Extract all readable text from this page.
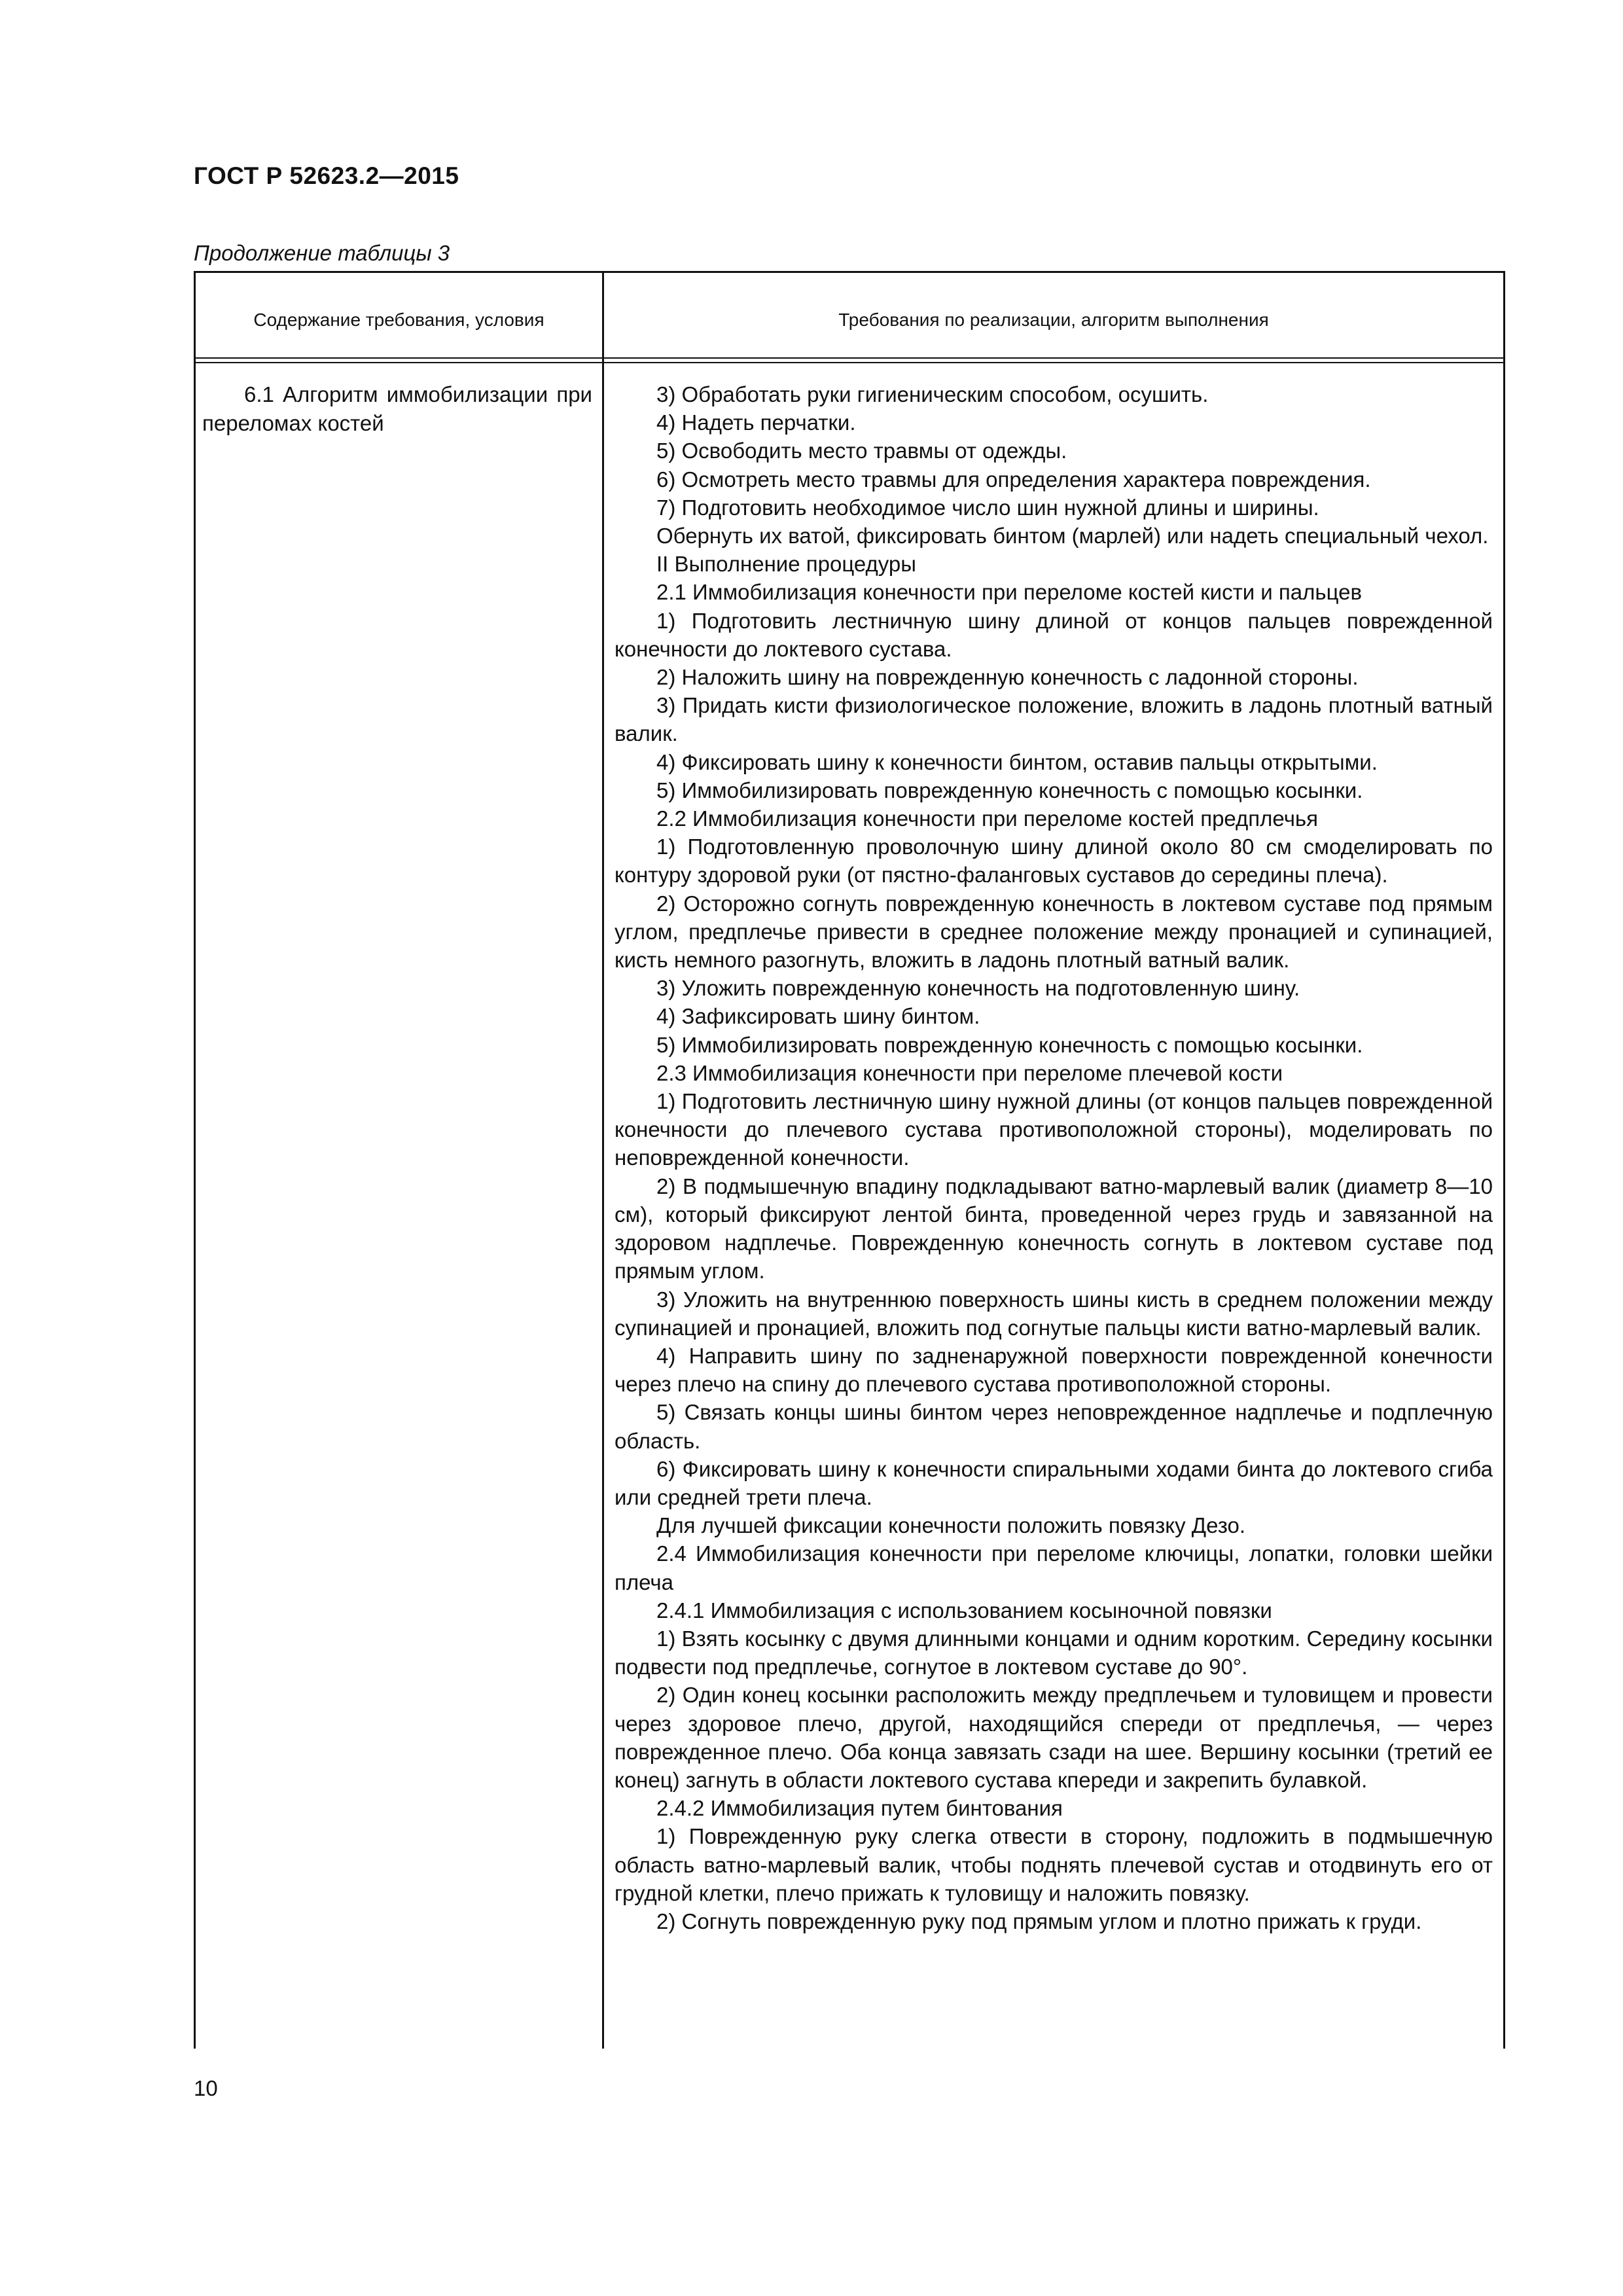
ГОСТ Р 52623.2—2015
Продолжение таблицы 3
Содержание требования, условия	Требования по реализации, алгоритм выполнения
6.1 Алгоритм иммобилизации при переломах костей

3) Обработать руки гигиеническим способом, осушить.

4) Надеть перчатки.

5) Освободить место травмы от одежды.

6) Осмотреть место травмы для определения характера повреждения.

7) Подготовить необходимое число шин нужной длины и ширины.

Обернуть их ватой, фиксировать бинтом (марлей) или надеть специальный чехол.

II Выполнение процедуры

2.1 Иммобилизация конечности при переломе костей кисти и пальцев

1) Подготовить лестничную шину длиной от концов пальцев поврежденной конечности до локтевого сустава.

2) Наложить шину на поврежденную конечность с ладонной стороны.

3) Придать кисти физиологическое положение, вложить в ладонь плотный ватный валик.

4) Фиксировать шину к конечности бинтом, оставив пальцы открытыми.

5) Иммобилизировать поврежденную конечность с помощью косынки.

2.2 Иммобилизация конечности при переломе костей предплечья

1) Подготовленную проволочную шину длиной около 80 см смоделировать по контуру здоровой руки (от пястно-фаланговых суставов до середины плеча).

2) Осторожно согнуть поврежденную конечность в локтевом суставе под прямым углом, предплечье привести в среднее положение между пронацией и супинацией, кисть немного разогнуть, вложить в ладонь плотный ватный валик.

3) Уложить поврежденную конечность на подготовленную шину.

4) Зафиксировать шину бинтом.

5) Иммобилизировать поврежденную конечность с помощью косынки.

2.3 Иммобилизация конечности при переломе плечевой кости

1) Подготовить лестничную шину нужной длины (от концов пальцев поврежденной конечности до плечевого сустава противоположной стороны), моделировать по неповрежденной конечности.

2) В подмышечную впадину подкладывают ватно-марлевый валик (диаметр 8—10 см), который фиксируют лентой бинта, проведенной через грудь и завязанной на здоровом надплечье. Поврежденную конечность согнуть в локтевом суставе под прямым углом.

3) Уложить на внутреннюю поверхность шины кисть в среднем положении между супинацией и пронацией, вложить под согнутые пальцы кисти ватно-марлевый валик.

4) Направить шину по задненаружной поверхности поврежденной конечности через плечо на спину до плечевого сустава противоположной стороны.

5) Связать концы шины бинтом через неповрежденное надплечье и подплечную область.

6) Фиксировать шину к конечности спиральными ходами бинта до локтевого сгиба или средней трети плеча.

Для лучшей фиксации конечности положить повязку Дезо.

2.4 Иммобилизация конечности при переломе ключицы, лопатки, головки шейки плеча

2.4.1 Иммобилизация с использованием косыночной повязки

1) Взять косынку с двумя длинными концами и одним коротким. Середину косынки подвести под предплечье, согнутое в локтевом суставе до 90°.

2) Один конец косынки расположить между предплечьем и туловищем и провести через здоровое плечо, другой, находящийся спереди от предплечья, — через поврежденное плечо. Оба конца завязать сзади на шее. Вершину косынки (третий ее конец) загнуть в области локтевого сустава кпереди и закрепить булавкой.

2.4.2 Иммобилизация путем бинтования

1) Поврежденную руку слегка отвести в сторону, подложить в подмышечную область ватно-марлевый валик, чтобы поднять плечевой сустав и отодвинуть его от грудной клетки, плечо прижать к туловищу и наложить повязку.

2) Согнуть поврежденную руку под прямым углом и плотно прижать к груди.

10
